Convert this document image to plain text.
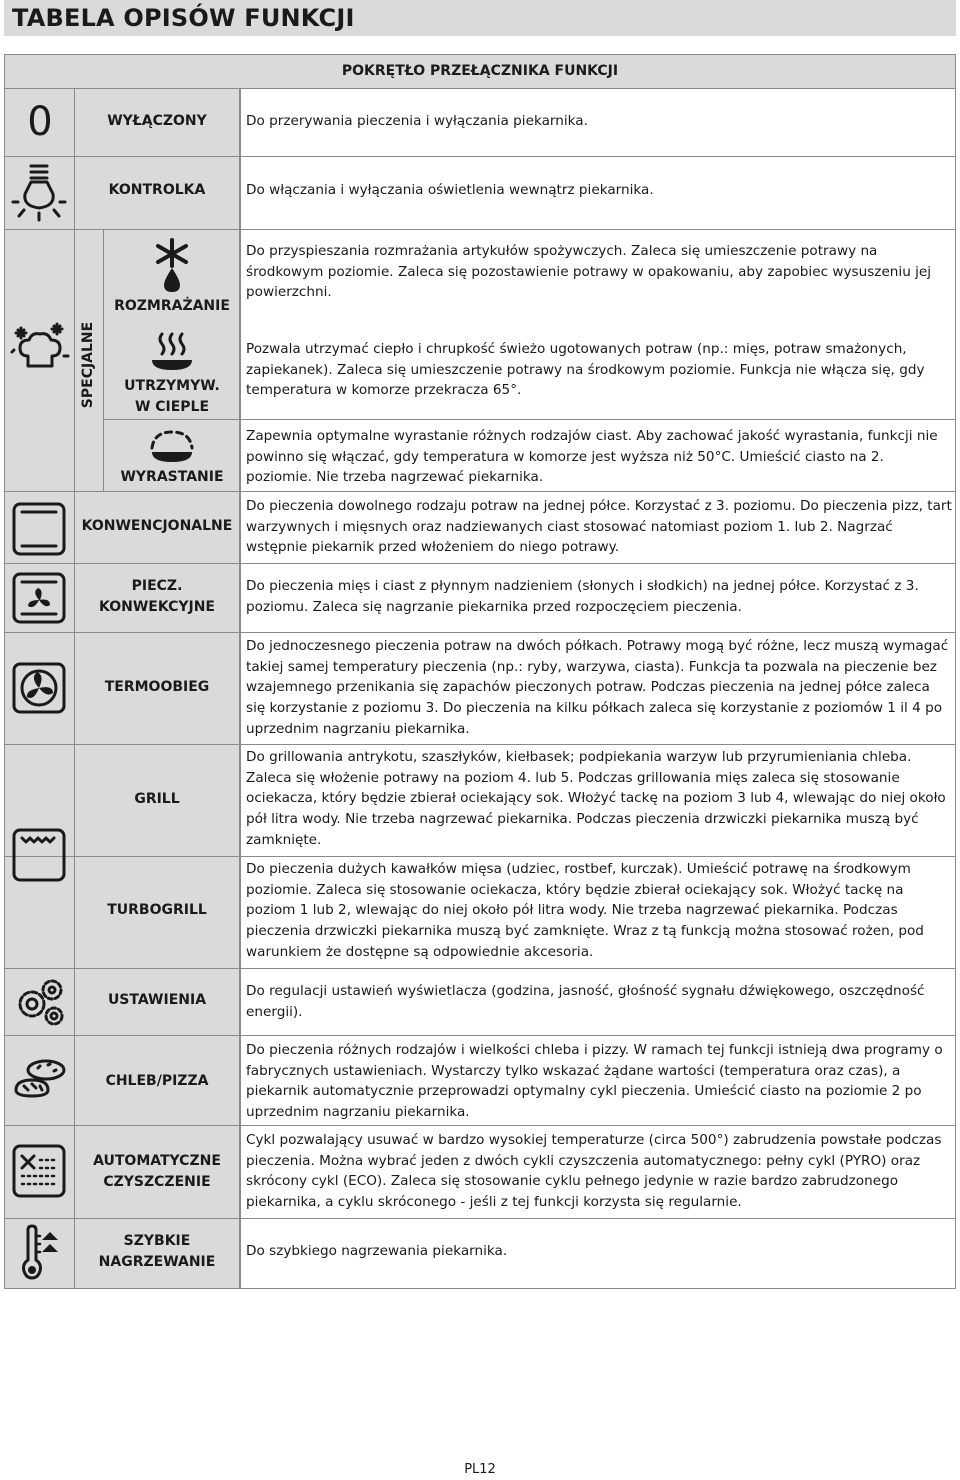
TABELA OPISÓW FUNKCJI
POKRĘTŁO PRZEŁĄCZNIKA FUNKCJI
SPECJALNE
0	WYŁĄCZONY
KONTROLKA
ROZMRAŻANIE
UTRZYMYW.
W CIEPLE
WYRASTANIE
KONWENCJONALNE
PIECZ.
KONWEKCYJNE
TERMOOBIEG
GRILL
TURBOGRILL
USTAWIENIA
CHLEB/PIZZA
AUTOMATYCZNE
CZYSZCZENIE
SZYBKIE
NAGRZEWANIE
Do przerywania pieczenia i wyłączania piekarnika.
Do włączania i wyłączania oświetlenia wewnątrz piekarnika.
Do przyspieszania rozmrażania artykułów spożywczych. Zaleca się umieszczenie potrawy na środkowym poziomie. Zaleca się pozostawienie potrawy w opakowaniu, aby zapobiec wysuszeniu jej powierzchni.
Pozwala utrzymać ciepło i chrupkość świeżo ugotowanych potraw (np.: mięs, potraw smażonych, zapiekanek). Zaleca się umieszczenie potrawy na środkowym poziomie. Funkcja nie włącza się, gdy temperatura w komorze przekracza 65°.
Zapewnia optymalne wyrastanie różnych rodzajów ciast. Aby zachować jakość wyrastania, funkcji nie powinno się włączać, gdy temperatura w komorze jest wyższa niż 50°C. Umieścić ciasto na 2. poziomie. Nie trzeba nagrzewać piekarnika.
Do pieczenia dowolnego rodzaju potraw na jednej półce. Korzystać z 3. poziomu. Do pieczenia pizz, tart warzywnych i mięsnych oraz nadziewanych ciast stosować natomiast poziom 1. lub 2. Nagrzać wstępnie piekarnik przed włożeniem do niego potrawy.
Do pieczenia mięs i ciast z płynnym nadzieniem (słonych i słodkich) na jednej półce. Korzystać z 3. poziomu. Zaleca się nagrzanie piekarnika przed rozpoczęciem pieczenia.
Do jednoczesnego pieczenia potraw na dwóch półkach. Potrawy mogą być różne, lecz muszą wymagać takiej samej temperatury pieczenia (np.: ryby, warzywa, ciasta). Funkcja ta pozwala na pieczenie bez wzajemnego przenikania się zapachów pieczonych potraw. Podczas pieczenia na jednej półce zaleca się korzystanie z poziomu 3. Do pieczenia na kilku półkach zaleca się korzystanie z poziomów 1 il 4 po uprzednim nagrzaniu piekarnika.
Do grillowania antrykotu, szaszłyków, kiełbasek; podpiekania warzyw lub przyrumieniania chleba. Zaleca się włożenie potrawy na poziom 4. lub 5. Podczas grillowania mięs zaleca się stosowanie ociekacza, który będzie zbierał ociekający sok. Włożyć tackę na poziom 3 lub 4, wlewając do niej około pół litra wody. Nie trzeba nagrzewać piekarnika. Podczas pieczenia drzwiczki piekarnika muszą być zamknięte.
Do pieczenia dużych kawałków mięsa (udziec, rostbef, kurczak). Umieścić potrawę na środkowym poziomie. Zaleca się stosowanie ociekacza, który będzie zbierał ociekający sok. Włożyć tackę na poziom 1 lub 2, wlewając do niej około pół litra wody. Nie trzeba nagrzewać piekarnika. Podczas pieczenia drzwiczki piekarnika muszą być zamknięte. Wraz z tą funkcją można stosować rożen, pod warunkiem że dostępne są odpowiednie akcesoria.
Do regulacji ustawień wyświetlacza (godzina, jasność, głośność sygnału dźwiękowego, oszczędność energii).
Do pieczenia różnych rodzajów i wielkości chleba i pizzy. W ramach tej funkcji istnieją dwa programy o fabrycznych ustawieniach. Wystarczy tylko wskazać żądane wartości (temperatura oraz czas), a piekarnik automatycznie przeprowadzi optymalny cykl pieczenia. Umieścić ciasto na poziomie 2 po uprzednim nagrzaniu piekarnika.
Cykl pozwalający usuwać w bardzo wysokiej temperaturze (circa 500°) zabrudzenia powstałe podczas pieczenia. Można wybrać jeden z dwóch cykli czyszczenia automatycznego: pełny cykl (PYRO) oraz skrócony cykl (ECO). Zaleca się stosowanie cyklu pełnego jedynie w razie bardzo zabrudzonego piekarnika, a cyklu skróconego - jeśli z tej funkcji korzysta się regularnie.
Do szybkiego nagrzewania piekarnika.
PL12
